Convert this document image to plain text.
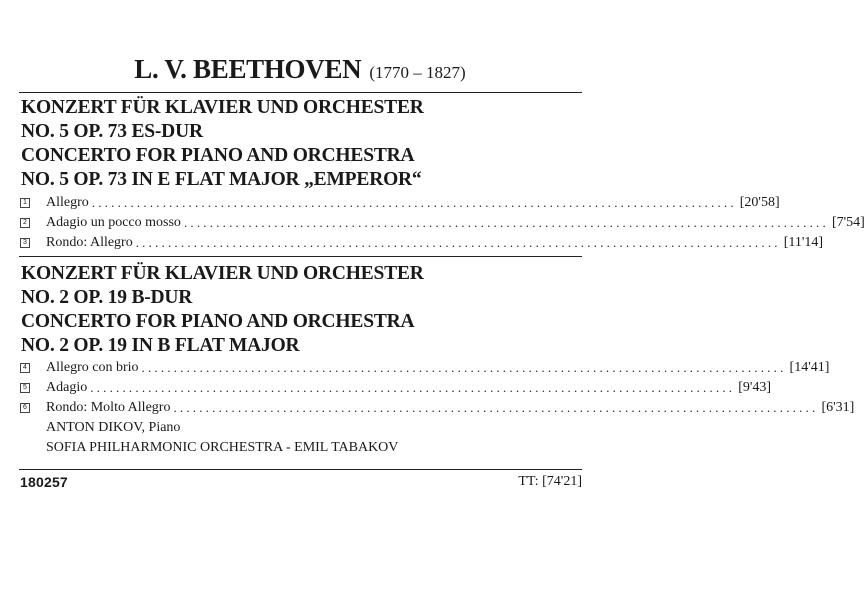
L. V. BEETHOVEN (1770 – 1827)
KONZERT FÜR KLAVIER UND ORCHESTER
NO. 5 OP. 73 ES-DUR
CONCERTO FOR PIANO AND ORCHESTRA
NO. 5 OP. 73 IN E FLAT MAJOR „EMPEROR“
1 Allegro .................................................................................................... [20'58]
2 Adagio un pocco mosso .................................................................................................... [7'54]
3 Rondo: Allegro .................................................................................................... [11'14]
KONZERT FÜR KLAVIER UND ORCHESTER
NO. 2 OP. 19 B-DUR
CONCERTO FOR PIANO AND ORCHESTRA
NO. 2 OP. 19 IN B FLAT MAJOR
4 Allegro con brio .................................................................................................... [14'41]
5 Adagio .................................................................................................... [9'43]
6 Rondo: Molto Allegro .................................................................................................... [6'31]
ANTON DIKOV, Piano
SOFIA PHILHARMONIC ORCHESTRA - EMIL TABAKOV
180257	TT: [74'21]
